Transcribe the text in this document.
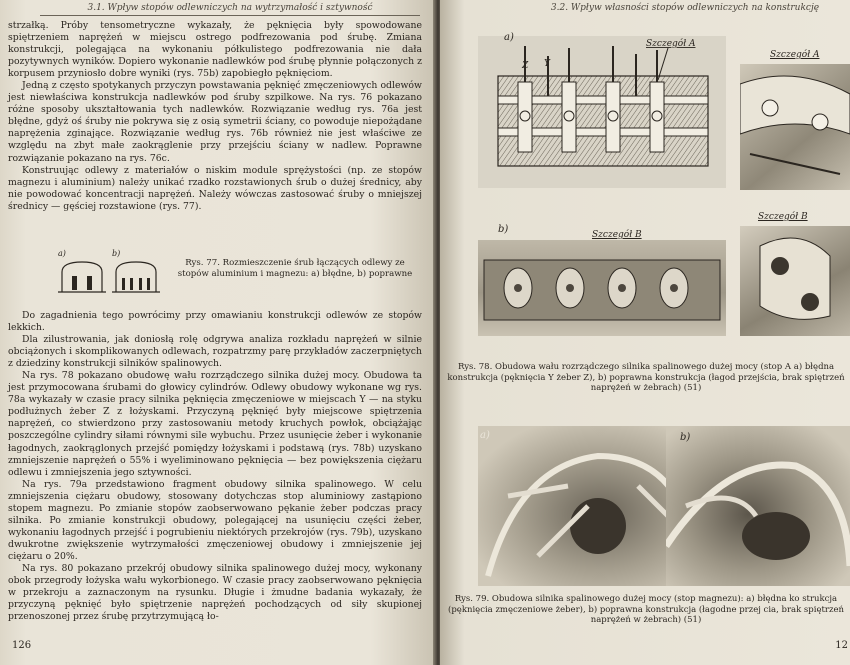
3.1. Wpływ stopów odlewniczych na wytrzymałość i sztywność

strzałką. Próby tensometryczne wykazały, że pęknięcia były spowodowane spiętrzeniem naprężeń w miejscu ostrego podfrezowania pod śrubę. Zmiana konstrukcji, polegająca na wykonaniu półkulistego podfrezowania nie dała pozytywnych wyników. Dopiero wykonanie nadlewków pod śrubę płynnie połączonych z korpusem przyniosło dobre wyniki (rys. 75b) zapobiegło pęknięciom.

Jedną z często spotykanych przyczyn powstawania pęknięć zmęczeniowych odlewów jest niewłaściwa konstrukcja nadlewków pod śruby szpilkowe. Na rys. 76 pokazano różne sposoby ukształtowania tych nadlewków. Rozwiązanie według rys. 76a jest błędne, gdyż oś śruby nie pokrywa się z osią symetrii ściany, co powoduje niepożądane naprężenia zginające. Rozwiązanie według rys. 76b również nie jest właściwe ze względu na zbyt małe zaokrąglenie przy przejściu ściany w nadlew. Poprawne rozwiązanie pokazano na rys. 76c.

Konstruując odlewy z materiałów o niskim module sprężystości (np. ze stopów magnezu i aluminium) należy unikać rzadko rozstawionych śrub o dużej średnicy, aby nie powodować koncentracji naprężeń. Należy wówczas zastosować śruby o mniejszej średnicy — gęściej rozstawione (rys. 77).

a)	b)
Rys. 77. Rozmieszczenie śrub łączących odlewy ze stopów aluminium i magnezu: a) błędne, b) poprawne

Do zagadnienia tego powrócimy przy omawianiu konstrukcji odlewów ze stopów lekkich.

Dla zilustrowania, jak doniosłą rolę odgrywa analiza rozkładu naprężeń w silnie obciążonych i skomplikowanych odlewach, rozpatrzmy parę przykładów zaczerpniętych z dziedziny konstrukcji silników spalinowych.

Na rys. 78 pokazano obudowę wału rozrządczego silnika dużej mocy. Obudowa ta jest przymocowana śrubami do głowicy cylindrów. Odlewy obudowy wykonane wg rys. 78a wykazały w czasie pracy silnika pęknięcia zmęczeniowe w miejscach Y — na styku podłużnych żeber Z z łożyskami. Przyczyną pęknięć były miejscowe spiętrzenia naprężeń, co stwierdzono przy zastosowaniu metody kruchych powłok, obciążając poszczególne cylindry siłami równymi sile wybuchu. Przez usunięcie żeber i wykonanie łagodnych, zaokrąglonych przejść pomiędzy łożyskami i podstawą (rys. 78b) uzyskano zmniejszenie naprężeń o 55% i wyeliminowano pęknięcia — bez powiększenia ciężaru odlewu i zmniejszenia jego sztywności.

Na rys. 79a przedstawiono fragment obudowy silnika spalinowego. W celu zmniejszenia ciężaru obudowy, stosowany dotychczas stop aluminiowy zastąpiono stopem magnezu. Po zmianie stopów zaobserwowano pękanie żeber podczas pracy silnika. Po zmianie konstrukcji obudowy, polegającej na usunięciu części żeber, wykonaniu łagodnych przejść i pogrubieniu niektórych przekrojów (rys. 79b), uzyskano dwukrotne zwiększenie wytrzymałości zmęczeniowej obudowy i zmniejszenie jej ciężaru o 20%.

Na rys. 80 pokazano przekrój obudowy silnika spalinowego dużej mocy, wykonany obok przegrody łożyska wału wykorbionego. W czasie pracy zaobserwowano pęknięcia w przekroju a zaznaczonym na rysunku. Długie i żmudne badania wykazały, że przyczyną pęknięć było spiętrzenie naprężeń pochodzących od siły skupionej przenoszonej przez śrubę przytrzymującą ło-

126
3.2. Wpływ własności stopów odlewniczych na konstrukcję
Z Y
Szczegół A
a)
Szczegół A
b)	Szczegół B
Szczegół B
Rys. 78. Obudowa wału rozrządczego silnika spalinowego dużej mocy (stop A a) błędna konstrukcja (pęknięcia Y żeber Z), b) poprawna konstrukcja (łagod przejścia, brak spiętrzeń naprężeń w żebrach) (51)
a)	b)
Rys. 79. Obudowa silnika spalinowego dużej mocy (stop magnezu): a) błędna ko strukcja (pęknięcia zmęczeniowe żeber), b) poprawna konstrukcja (łagodne przej cia, brak spiętrzeń naprężeń w żebrach) (51)
12
